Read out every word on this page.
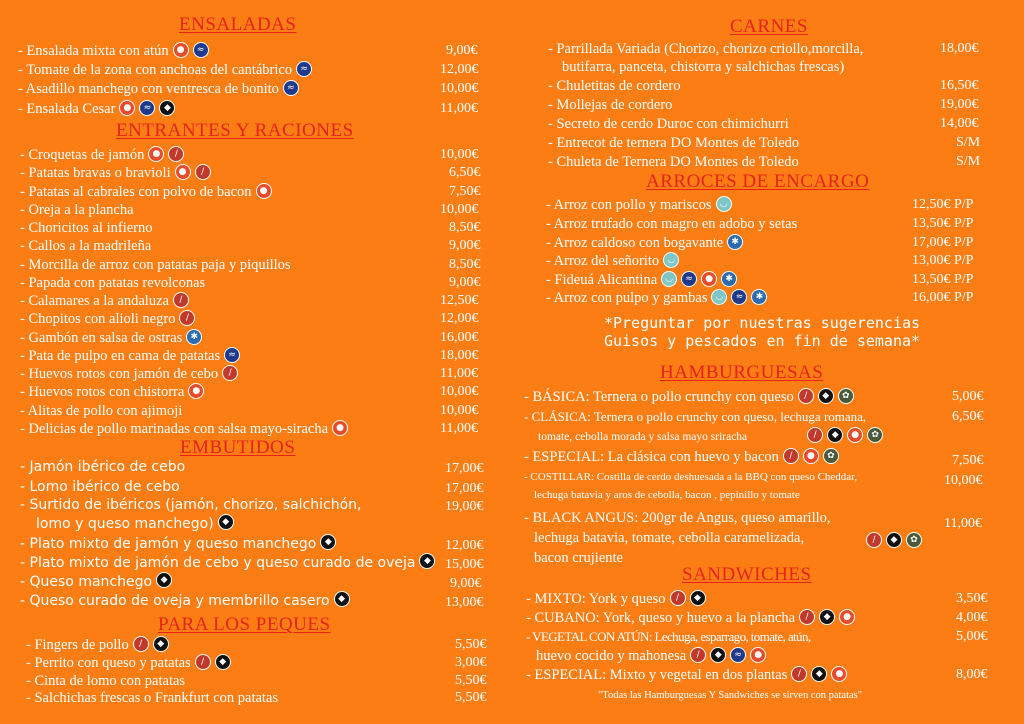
ENSALADAS
- Ensalada mixta con atún ● ≈	9,00€
- Tomate de la zona con anchoas del cantábrico ≈	12,00€
- Asadillo manchego con ventresca de bonito ≈	10,00€
- Ensalada Cesar ● ≈ ◆	11,00€
ENTRANTES Y RACIONES
- Croquetas de jamón ● /	10,00€
- Patatas bravas o bravioli ● /	6,50€
- Patatas al cabrales con polvo de bacon ●	7,50€
- Oreja a la plancha	10,00€
- Choricitos al infierno	8,50€
- Callos a la madrileña	9,00€
- Morcilla de arroz con patatas paja y piquillos	8,50€
- Papada con patatas revolconas	9,00€
- Calamares a la andaluza /	12,50€
- Chopitos con alioli negro /	12,00€
- Gambón en salsa de ostras ✱	16,00€
- Pata de pulpo en cama de patatas ≈	18,00€
- Huevos rotos con jamón de cebo /	11,00€
- Huevos rotos con chistorra ●	10,00€
- Alitas de pollo con ajimoji	10,00€
- Delicias de pollo marinadas con salsa mayo-siracha ●	11,00€
EMBUTIDOS
- Jamón ibérico de cebo	17,00€
- Lomo ibérico de cebo	17,00€
- Surtido de ibéricos (jamón, chorizo, salchichón,
lomo y queso manchego) ◆
19,00€
- Plato mixto de jamón y queso manchego ◆	12,00€
- Plato mixto de jamón de cebo y queso curado de oveja ◆	15,00€
- Queso manchego ◆	9,00€
- Queso curado de oveja y membrillo casero ◆	13,00€
PARA LOS PEQUES
- Fingers de pollo / ◆	5,50€
- Perrito con queso y patatas / ◆	3,00€
- Cinta de lomo con patatas	5,50€
- Salchichas frescas o Frankfurt con patatas	5,50€
CARNES
- Parrillada Variada (Chorizo, chorizo criollo,morcilla,
butifarra, panceta, chistorra y salchichas frescas)
18,00€
- Chuletitas de cordero	16,50€
- Mollejas de cordero	19,00€
- Secreto de cerdo Duroc con chimichurri	14,00€
- Entrecot de ternera DO Montes de Toledo	S/M
- Chuleta de Ternera DO Montes de Toledo	S/M
ARROCES DE ENCARGO
- Arroz con pollo y mariscos ◡	12,50€ P/P
- Arroz trufado con magro en adobo y setas	13,50€ P/P
- Arroz caldoso con bogavante ✱	17,00€ P/P
- Arroz del señorito ◡	13,00€ P/P
- Fideuá Alicantina ◡ ≈ ● ✱	13,50€ P/P
- Arroz con pulpo y gambas ◡ ≈ ✱	16,00€ P/P
*Preguntar por nuestras sugerencias
Guisos y pescados en fin de semana*
HAMBURGUESAS
- BÁSICA: Ternera o pollo crunchy con queso / ◆ ✿	5,00€
- CLÁSICA: Ternera o pollo crunchy con queso, lechuga romana,
tomate, cebolla morada y salsa mayo sriracha	/ ◆ ● ✿
6,50€
- ESPECIAL: La clásica con huevo y bacon / ● ✿	7,50€
- COSTILLAR: Costilla de cerdo deshuesada a la BBQ con queso Cheddar,
lechuga batavia y aros de cebolla, bacon , pepinillo y tomate
10,00€
- BLACK ANGUS: 200gr de Angus, queso amarillo,
lechuga batavia, tomate, cebolla caramelizada,
bacon crujiente
11,00€
/ ◆ ✿
SANDWICHES
- MIXTO: York y queso / ◆	3,50€
- CUBANO: York, queso y huevo a la plancha / ◆ ●	4,00€
- VEGETAL CON ATÚN: Lechuga, esparrago, tomate, atún,
huevo cocido y mahonesa / ◆ ≈ ●
5,00€
- ESPECIAL: Mixto y vegetal en dos plantas / ◆ ●	8,00€
"Todas las Hamburguesas Y Sandwiches se sirven con patatas"
